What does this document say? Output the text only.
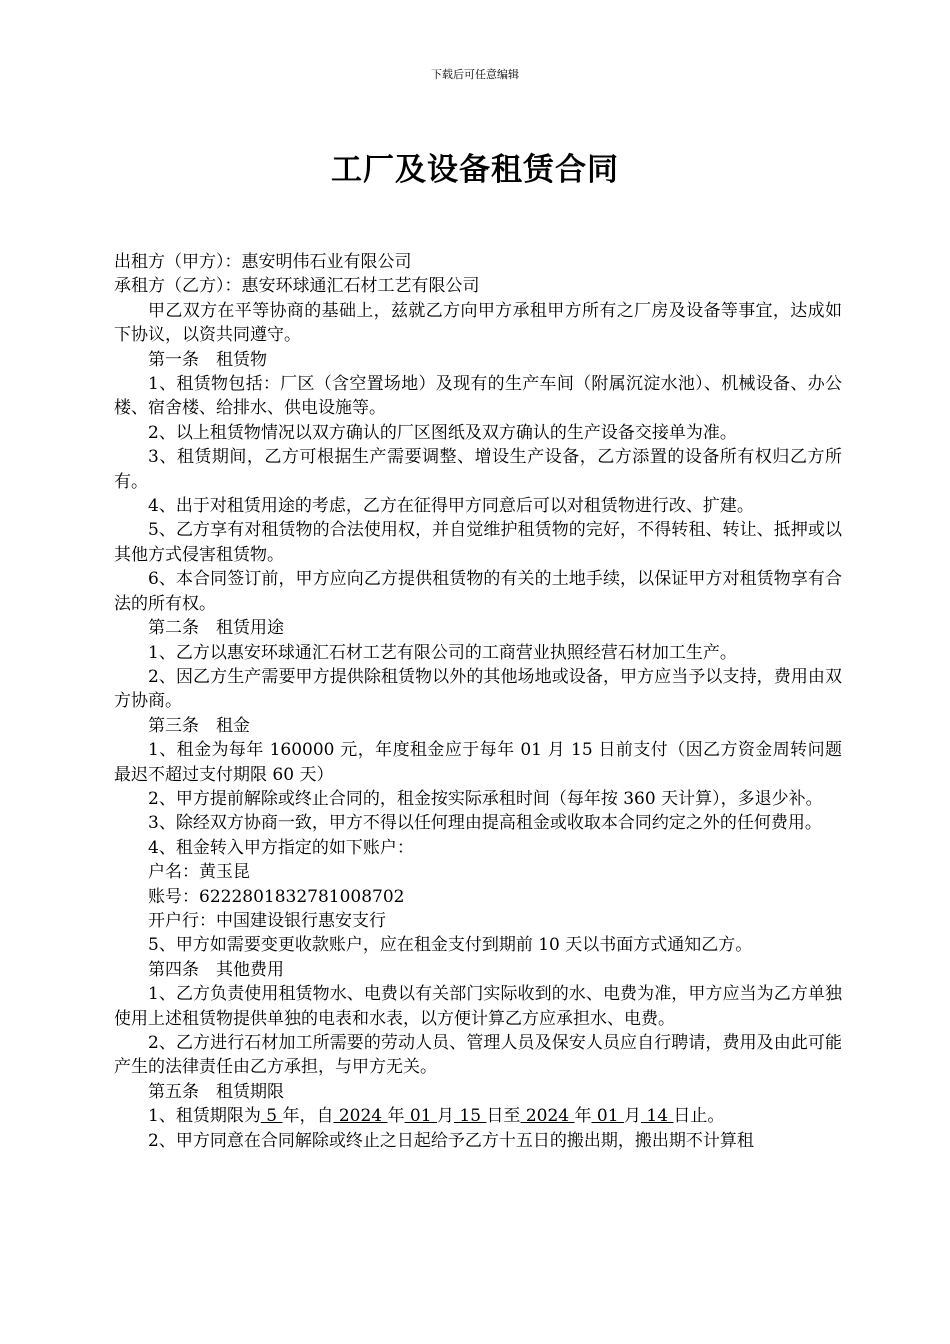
下载后可任意编辑
工厂及设备租赁合同

出租方（甲方）：惠安明伟石业有限公司

承租方（乙方）：惠安环球通汇石材工艺有限公司

甲乙双方在平等协商的基础上，兹就乙方向甲方承租甲方所有之厂房及设备等事宜，达成如下协议，以资共同遵守。

第一条　租赁物

1、租赁物包括：厂区（含空置场地）及现有的生产车间（附属沉淀水池）、机械设备、办公楼、宿舍楼、给排水、供电设施等。

2、以上租赁物情况以双方确认的厂区图纸及双方确认的生产设备交接单为准。

3、租赁期间，乙方可根据生产需要调整、增设生产设备，乙方添置的设备所有权归乙方所有。

4、出于对租赁用途的考虑，乙方在征得甲方同意后可以对租赁物进行改、扩建。

5、乙方享有对租赁物的合法使用权，并自觉维护租赁物的完好，不得转租、转让、抵押或以其他方式侵害租赁物。

6、本合同签订前，甲方应向乙方提供租赁物的有关的土地手续，以保证甲方对租赁物享有合法的所有权。

第二条　租赁用途

1、乙方以惠安环球通汇石材工艺有限公司的工商营业执照经营石材加工生产。

2、因乙方生产需要甲方提供除租赁物以外的其他场地或设备，甲方应当予以支持，费用由双方协商。

第三条　租金

1、租金为每年 160000 元，年度租金应于每年 01 月 15 日前支付（因乙方资金周转问题最迟不超过支付期限 60 天）

2、甲方提前解除或终止合同的，租金按实际承租时间（每年按 360 天计算），多退少补。

3、除经双方协商一致，甲方不得以任何理由提高租金或收取本合同约定之外的任何费用。

4、租金转入甲方指定的如下账户：

户名：黄玉昆

账号：6222801832781008702

开户行：中国建设银行惠安支行

5、甲方如需要变更收款账户，应在租金支付到期前 10 天以书面方式通知乙方。

第四条　其他费用

1、乙方负责使用租赁物水、电费以有关部门实际收到的水、电费为准，甲方应当为乙方单独使用上述租赁物提供单独的电表和水表，以方便计算乙方应承担水、电费。

2、乙方进行石材加工所需要的劳动人员、管理人员及保安人员应自行聘请，费用及由此可能产生的法律责任由乙方承担，与甲方无关。

第五条　租赁期限

1、租赁期限为 5 年，自 2024 年 01 月 15 日至 2024 年 01 月 14 日止。

2、甲方同意在合同解除或终止之日起给予乙方十五日的搬出期，搬出期不计算租
